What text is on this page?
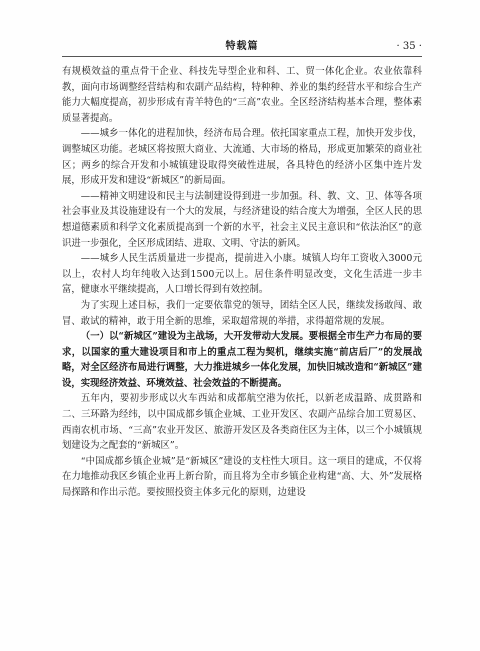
特载篇	· 35 ·

有规模效益的重点骨干企业、科技先导型企业和科、工、贸一体化企业。农业依靠科教，面向市场调整经营结构和农副产品结构，特种种、养业的集约经营水平和综合生产能力大幅度提高，初步形成有青羊特色的“三高”农业。全区经济结构基本合理，整体素质显著提高。

——城乡一体化的进程加快，经济布局合理。依托国家重点工程，加快开发步伐，调整城区功能。老城区将按照大商业、大流通、大市场的格局，形成更加繁荣的商业社区；两乡的综合开发和小城镇建设取得突破性进展，各具特色的经济小区集中连片发展，形成开发和建设“新城区”的新局面。

——精神文明建设和民主与法制建设得到进一步加强。科、教、文、卫、体等各项社会事业及其设施建设有一个大的发展，与经济建设的结合度大为增强，全区人民的思想道德素质和科学文化素质提高到一个新的水平，社会主义民主意识和“依法治区”的意识进一步强化，全区形成团结、进取、文明、守法的新风。

——城乡人民生活质量进一步提高，提前进入小康。城镇人均年工资收入3000元以上，农村人均年纯收入达到1500元以上。居住条件明显改变，文化生活进一步丰富，健康水平继续提高，人口增长得到有效控制。

为了实现上述目标，我们一定要依靠党的领导，团结全区人民，继续发扬敢闯、敢冒、敢试的精神，敢于用全新的思维，采取超常规的举措，求得超常规的发展。

（一）以“新城区”建设为主战场，大开发带动大发展。要根据全市生产力布局的要求，以国家的重大建设项目和市上的重点工程为契机，继续实施“前店后厂”的发展战略，对全区经济布局进行调整，大力推进城乡一体化发展，加快旧城改造和“新城区”建设，实现经济效益、环境效益、社会效益的不断提高。

五年内，要初步形成以火车西站和成都航空港为依托，以新老成温路、成贯路和二、三环路为经纬，以中国成都乡镇企业城、工业开发区、农副产品综合加工贸易区、西南农机市场、“三高”农业开发区、旅游开发区及各类商住区为主体，以三个小城镇规划建设为之配套的“新城区”。

“中国成都乡镇企业城”是“新城区”建设的支柱性大项目。这一项目的建成，不仅将在力地推动我区乡镇企业再上新台阶，而且将为全市乡镇企业构建“高、大、外”发展格局探路和作出示范。要按照投资主体多元化的原则，边建设
